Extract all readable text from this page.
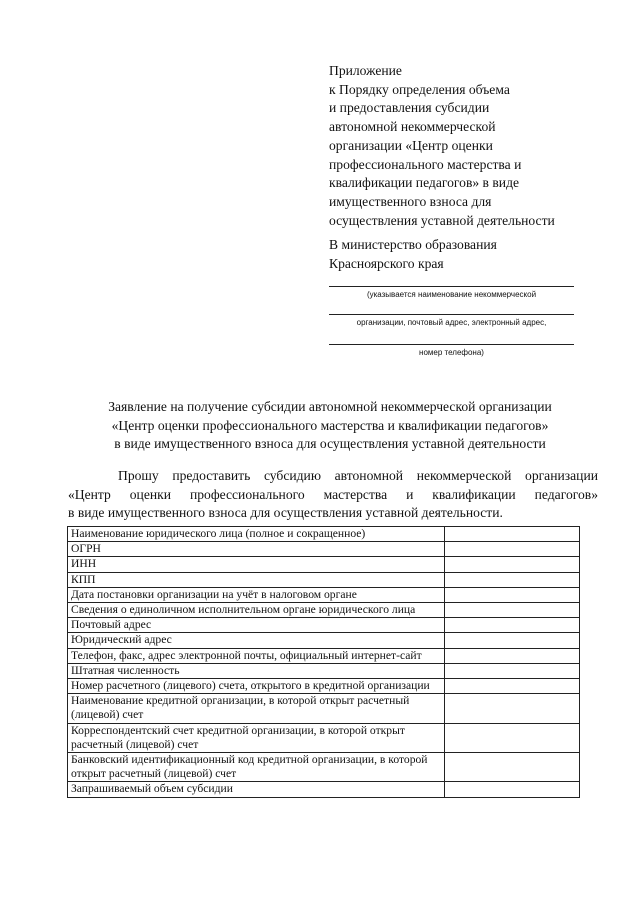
Приложение
к Порядку определения объема
и предоставления субсидии
автономной некоммерческой
организации «Центр оценки
профессионального мастерства и
квалификации педагогов» в виде
имущественного взноса для
осуществления уставной деятельности
В министерство образования
Красноярского края
(указывается наименование некоммерческой
организации, почтовый адрес, электронный адрес,
номер телефона)
Заявление на получение субсидии автономной некоммерческой организации
«Центр оценки профессионального мастерства и квалификации педагогов»
в виде имущественного взноса для осуществления уставной деятельности
Прошу предоставить субсидию автономной некоммерческой организации
«Центр оценки профессионального мастерства и квалификации педагогов»
в виде имущественного взноса для осуществления уставной деятельности.
Наименование юридического лица (полное и сокращенное)	
ОГРН	
ИНН	
КПП	
Дата постановки организации на учёт в налоговом органе	
Сведения о единоличном исполнительном органе юридического лица	
Почтовый адрес	
Юридический адрес	
Телефон, факс, адрес электронной почты, официальный интернет-сайт	
Штатная численность	
Номер расчетного (лицевого) счета, открытого в кредитной организации	
Наименование кредитной организации, в которой открыт расчетный (лицевой) счет	
Корреспондентский счет кредитной организации, в которой открыт расчетный (лицевой) счет	
Банковский идентификационный код кредитной организации, в которой открыт расчетный (лицевой) счет	
Запрашиваемый объем субсидии	
